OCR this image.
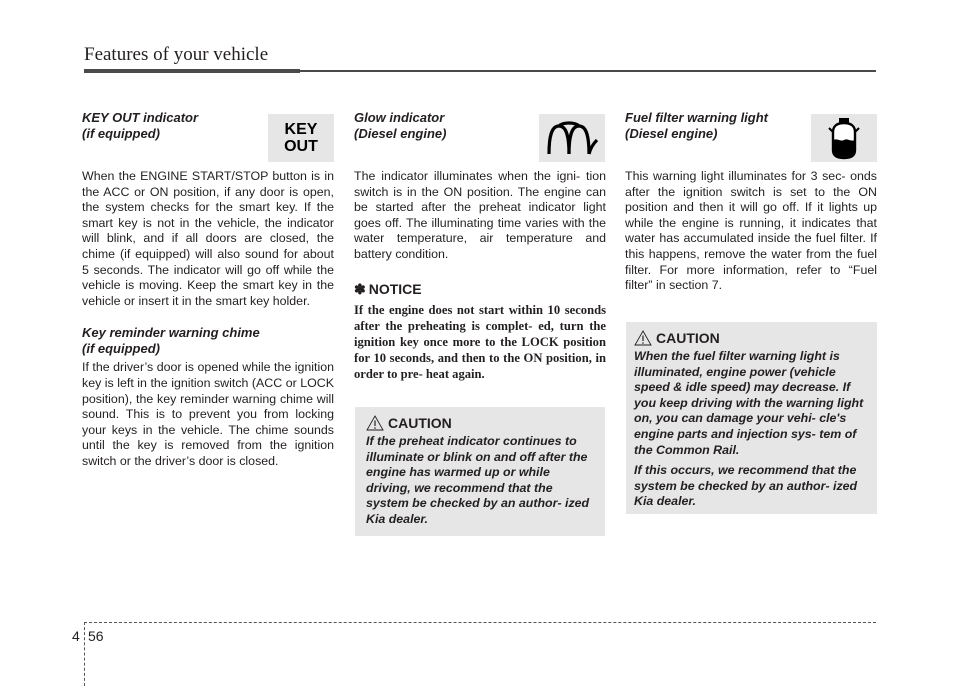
Features of your vehicle

KEY OUT indicator

(if equipped)

When the ENGINE START/STOP button is in the ACC or ON position, if any door is open, the system checks for the smart key. If the smart key is not in the vehicle, the indicator will blink, and if all doors are closed, the chime (if equipped) will also sound for about 5 seconds. The indicator will go off while the vehicle is moving. Keep the smart key in the vehicle or insert it in the smart key holder.

Key reminder warning chime

(if equipped)

If the driver’s door is opened while the ignition key is left in the ignition switch (ACC or LOCK position), the key reminder warning chime will sound. This is to prevent you from locking your keys in the vehicle. The chime sounds until the key is removed from the ignition switch or the driver’s door is closed.

KEY
OUT

Glow indicator

(Diesel engine)

The indicator illuminates when the igni- tion switch is in the ON position. The engine can be started after the preheat indicator light goes off. The illuminating time varies with the water temperature, air temperature and battery condition.

✽ NOTICE

If the engine does not start within 10 seconds after the preheating is complet- ed, turn the ignition key once more to the LOCK position for 10 seconds, and then to the ON position, in order to pre- heat again.

CAUTION

If the preheat indicator continues to illuminate or blink on and off after the engine has warmed up or while driving, we recommend that the system be checked by an author- ized Kia dealer.

Fuel filter warning light

(Diesel engine)

This warning light illuminates for 3 sec- onds after the ignition switch is set to the ON position and then it will go off. If it lights up while the engine is running, it indicates that water has accumulated inside the fuel filter. If this happens, remove the water from the fuel filter. For more information, refer to “Fuel filter” in section 7.

CAUTION

When the fuel filter warning light is illuminated, engine power (vehicle speed & idle speed) may decrease. If you keep driving with the warning light on, you can damage your vehi- cle's engine parts and injection sys- tem of the Common Rail.

If this occurs, we recommend that the system be checked by an author- ized Kia dealer.

4 56
